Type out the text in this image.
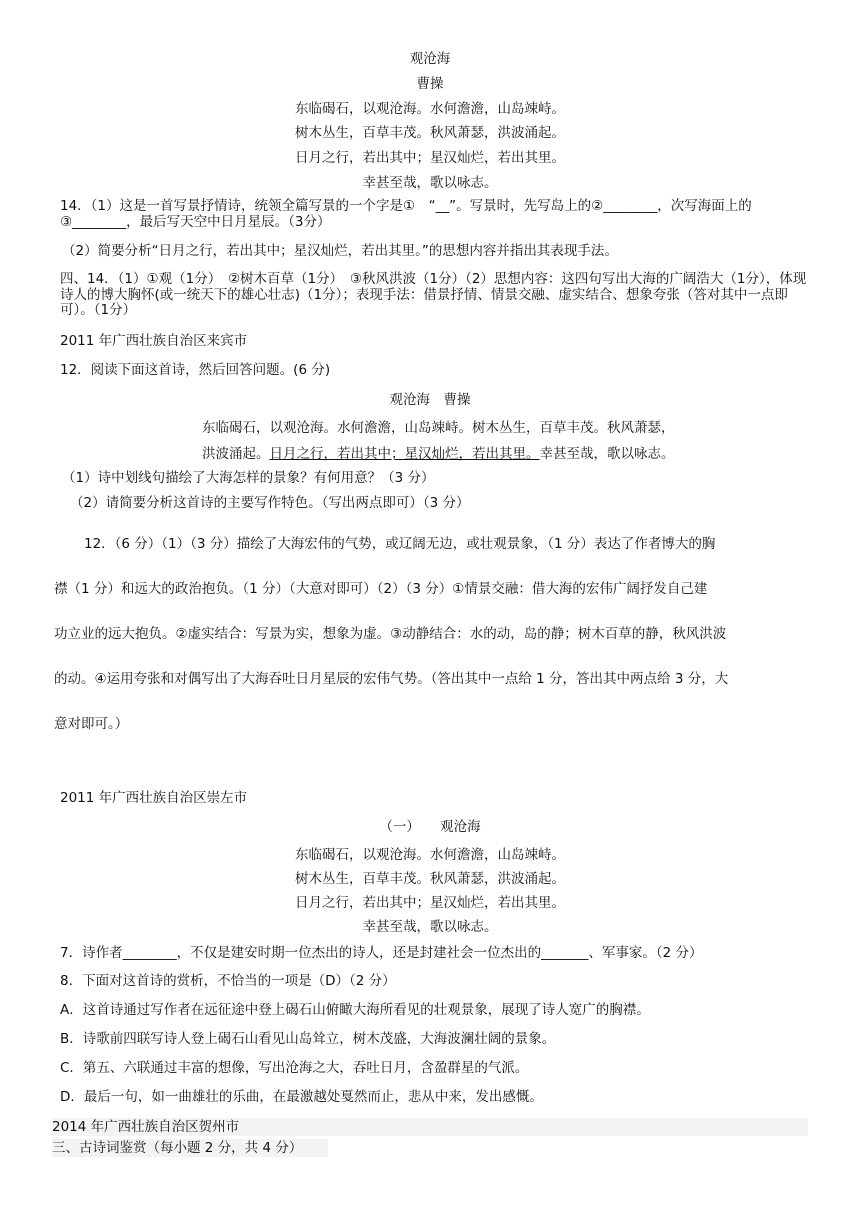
观沧海
曹操
东临碣石，以观沧海。水何澹澹，山岛竦峙。
树木丛生，百草丰茂。秋风萧瑟，洪波涌起。
日月之行，若出其中；星汉灿烂，若出其里。
幸甚至哉，歌以咏志。
14．（1）这是一首写景抒情诗，统领全篇写景的一个字是①　“__”。写景时，先写岛上的②________，次写海面上的③________，最后写天空中日月星辰。（3分）
（2）简要分析“日月之行，若出其中；星汉灿烂，若出其里。”的思想内容并指出其表现手法。
四、14．（1）①观（1分）　②树木百草（1分）　③秋风洪波（1分）（2）思想内容：这四句写出大海的广阔浩大（1分），体现诗人的博大胸怀(或一统天下的雄心壮志)（1分）；表现手法：借景抒情、情景交融、虚实结合、想象夸张（答对其中一点即可）。（1分）
2011 年广西壮族自治区来宾市
12．阅读下面这首诗，然后回答问题。(6 分)
观沧海　曹操
东临碣石，以观沧海。水何澹澹，山岛竦峙。树木丛生，百草丰茂。秋风萧瑟，
洪波涌起。日月之行，若出其中；星汉灿烂，若出其里。幸甚至哉，歌以咏志。
（1）诗中划线句描绘了大海怎样的景象？有何用意？（3 分）
（2）请简要分析这首诗的主要写作特色。（写出两点即可）（3 分）
12．（6 分）（1）（3 分）描绘了大海宏伟的气势，或辽阔无边，或壮观景象，（1 分）表达了作者博大的胸
襟（1 分）和远大的政治抱负。（1 分）（大意对即可）（2）（3 分）①情景交融：借大海的宏伟广阔抒发自己建
功立业的远大抱负。②虚实结合：写景为实，想象为虚。③动静结合：水的动，岛的静；树木百草的静，秋风洪波
的动。④运用夸张和对偶写出了大海吞吐日月星辰的宏伟气势。（答出其中一点给 1 分，答出其中两点给 3 分，大
意对即可。）
2011 年广西壮族自治区崇左市
（一）　　观沧海
东临碣石，以观沧海。水何澹澹，山岛竦峙。
树木丛生，百草丰茂。秋风萧瑟，洪波涌起。
日月之行，若出其中；星汉灿烂，若出其里。
幸甚至哉，歌以咏志。
7．诗作者________，不仅是建安时期一位杰出的诗人，还是封建社会一位杰出的_______、军事家。（2 分）
8．下面对这首诗的赏析，不恰当的一项是（D）（2 分）
A．这首诗通过写作者在远征途中登上碣石山俯瞰大海所看见的壮观景象，展现了诗人宽广的胸襟。
B．诗歌前四联写诗人登上碣石山看见山岛耸立，树木茂盛，大海波澜壮阔的景象。
C．第五、六联通过丰富的想像，写出沧海之大，吞吐日月，含盈群星的气派。
D．最后一句，如一曲雄壮的乐曲，在最激越处戛然而止，悲从中来，发出感慨。
2014 年广西壮族自治区贺州市
三、古诗词鉴赏（每小题 2 分，共 4 分）
